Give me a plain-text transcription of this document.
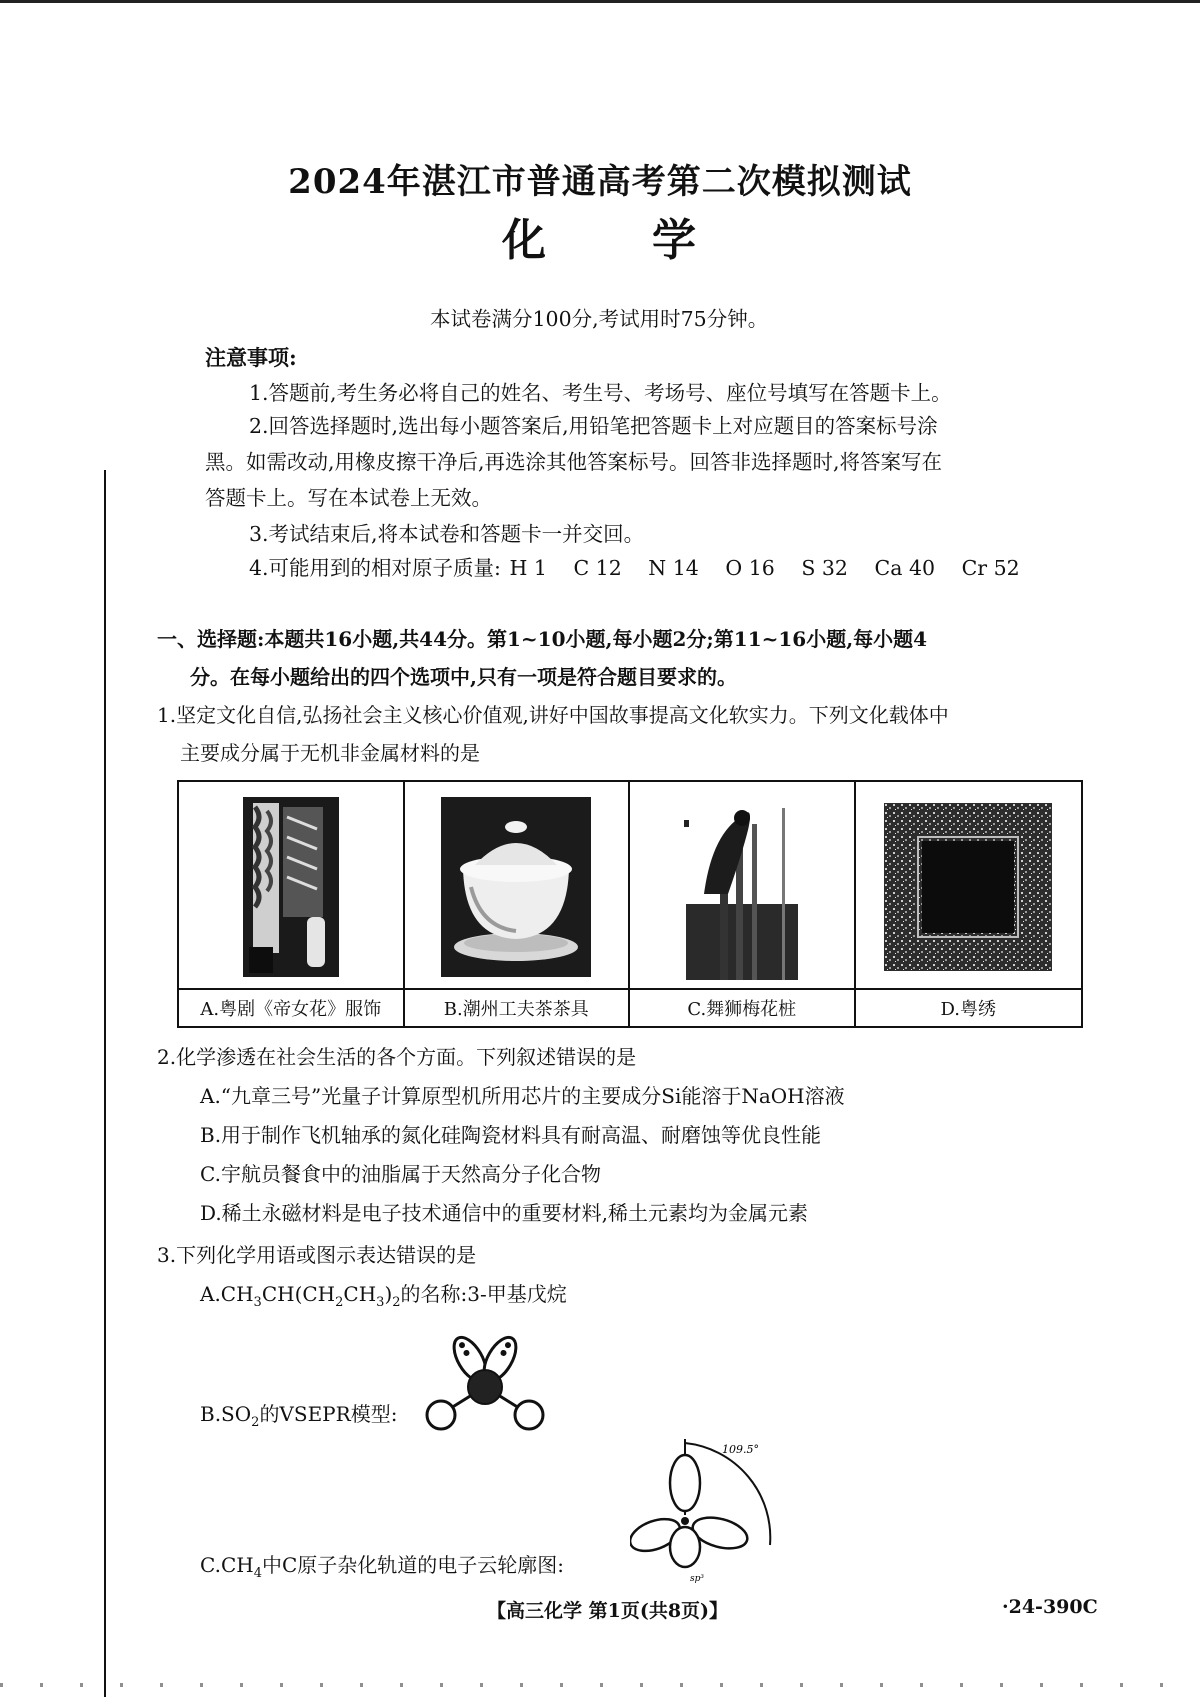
2024年湛江市普通高考第二次模拟测试
化 学
本试卷满分100分,考试用时75分钟。
注意事项:
1.答题前,考生务必将自己的姓名、考生号、考场号、座位号填写在答题卡上。
2.回答选择题时,选出每小题答案后,用铅笔把答题卡上对应题目的答案标号涂
黑。如需改动,用橡皮擦干净后,再选涂其他答案标号。回答非选择题时,将答案写在
答题卡上。写在本试卷上无效。
3.考试结束后,将本试卷和答题卡一并交回。
4.可能用到的相对原子质量: H 1 C 12 N 14 O 16 S 32 Ca 40 Cr 52
一、选择题:本题共16小题,共44分。第1~10小题,每小题2分;第11~16小题,每小题4
分。在每小题给出的四个选项中,只有一项是符合题目要求的。
1.坚定文化自信,弘扬社会主义核心价值观,讲好中国故事提高文化软实力。下列文化载体中
主要成分属于无机非金属材料的是
A.粤剧《帝女花》服饰	B.潮州工夫茶茶具	C.舞狮梅花桩	D.粤绣
2.化学渗透在社会生活的各个方面。下列叙述错误的是
A.“九章三号”光量子计算原型机所用芯片的主要成分Si能溶于NaOH溶液
B.用于制作飞机轴承的氮化硅陶瓷材料具有耐高温、耐磨蚀等优良性能
C.宇航员餐食中的油脂属于天然高分子化合物
D.稀土永磁材料是电子技术通信中的重要材料,稀土元素均为金属元素
3.下列化学用语或图示表达错误的是
$A.CH_3CH(CH_2CH_3)_2$的名称:3-甲基戊烷
$B.SO_2$的VSEPR模型:
109.5°
sp³
$C.CH_4$中C原子杂化轨道的电子云轮廓图:
【高三化学 第1页(共8页)】	·24-390C
